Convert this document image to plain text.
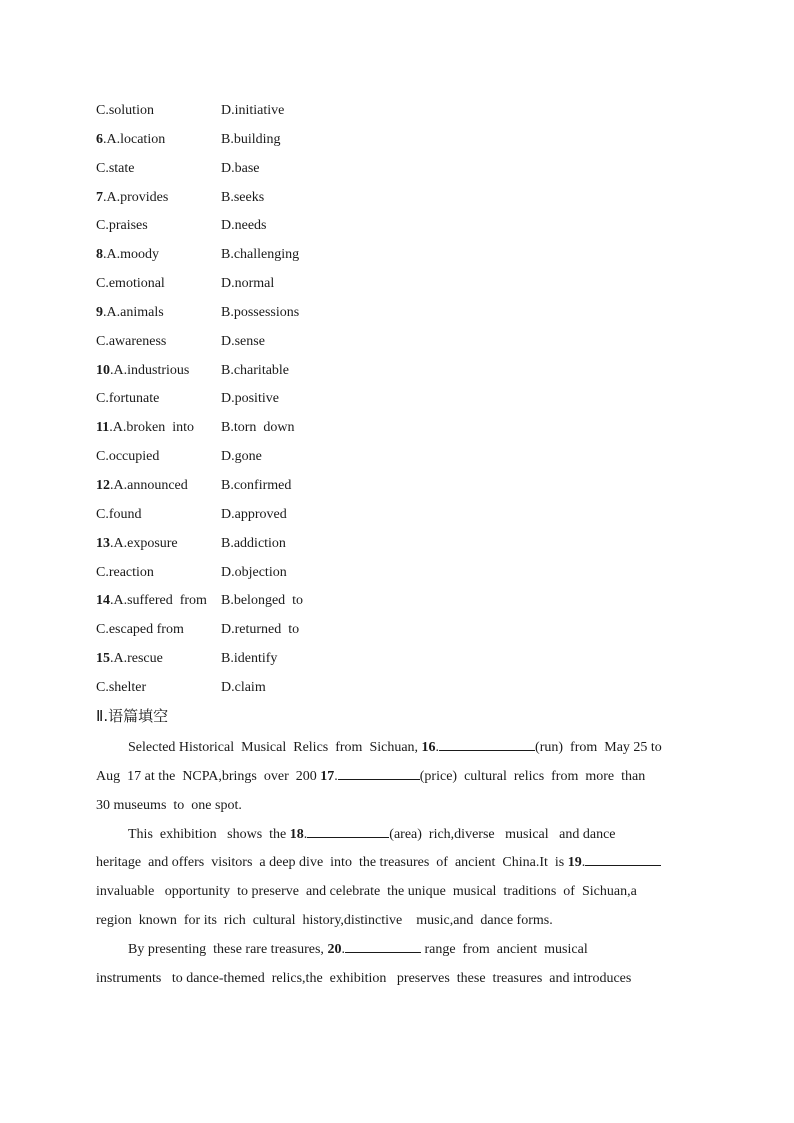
C.solution	D.initiative
6.A.location	B.building
C.state	D.base
7.A.provides	B.seeks
C.praises	D.needs
8.A.moody	B.challenging
C.emotional	D.normal
9.A.animals	B.possessions
C.awareness	D.sense
10.A.industrious B.charitable
C.fortunate	D.positive
11.A.broken  into B.torn  down
C.occupied	D.gone
12.A.announced B.confirmed
C.found	D.approved
13.A.exposure	B.addiction
C.reaction	D.objection
14.A.suffered  from B.belonged  to
C.escaped from	D.returned  to
15.A.rescue	B.identify
C.shelter	D.claim
Ⅱ.语篇填空
Selected Historical  Musical  Relics  from  Sichuan, 16.	(run)  from  May 25 to
Aug  17 at the  NCPA,brings  over  200 17.	(price)  cultural  relics  from  more  than
30 museums  to  one spot.
This  exhibition   shows  the 18.	(area)  rich,diverse   musical   and dance
heritage  and offers  visitors  a deep dive  into  the treasures  of  ancient  China.It  is 19.
invaluable   opportunity  to preserve  and celebrate  the unique  musical  traditions  of  Sichuan,a
region  known  for its  rich  cultural  history,distinctive    music,and  dance forms.
By presenting  these rare treasures, 20.	range  from  ancient  musical
instruments   to dance-themed  relics,the  exhibition   preserves  these  treasures  and introduces
